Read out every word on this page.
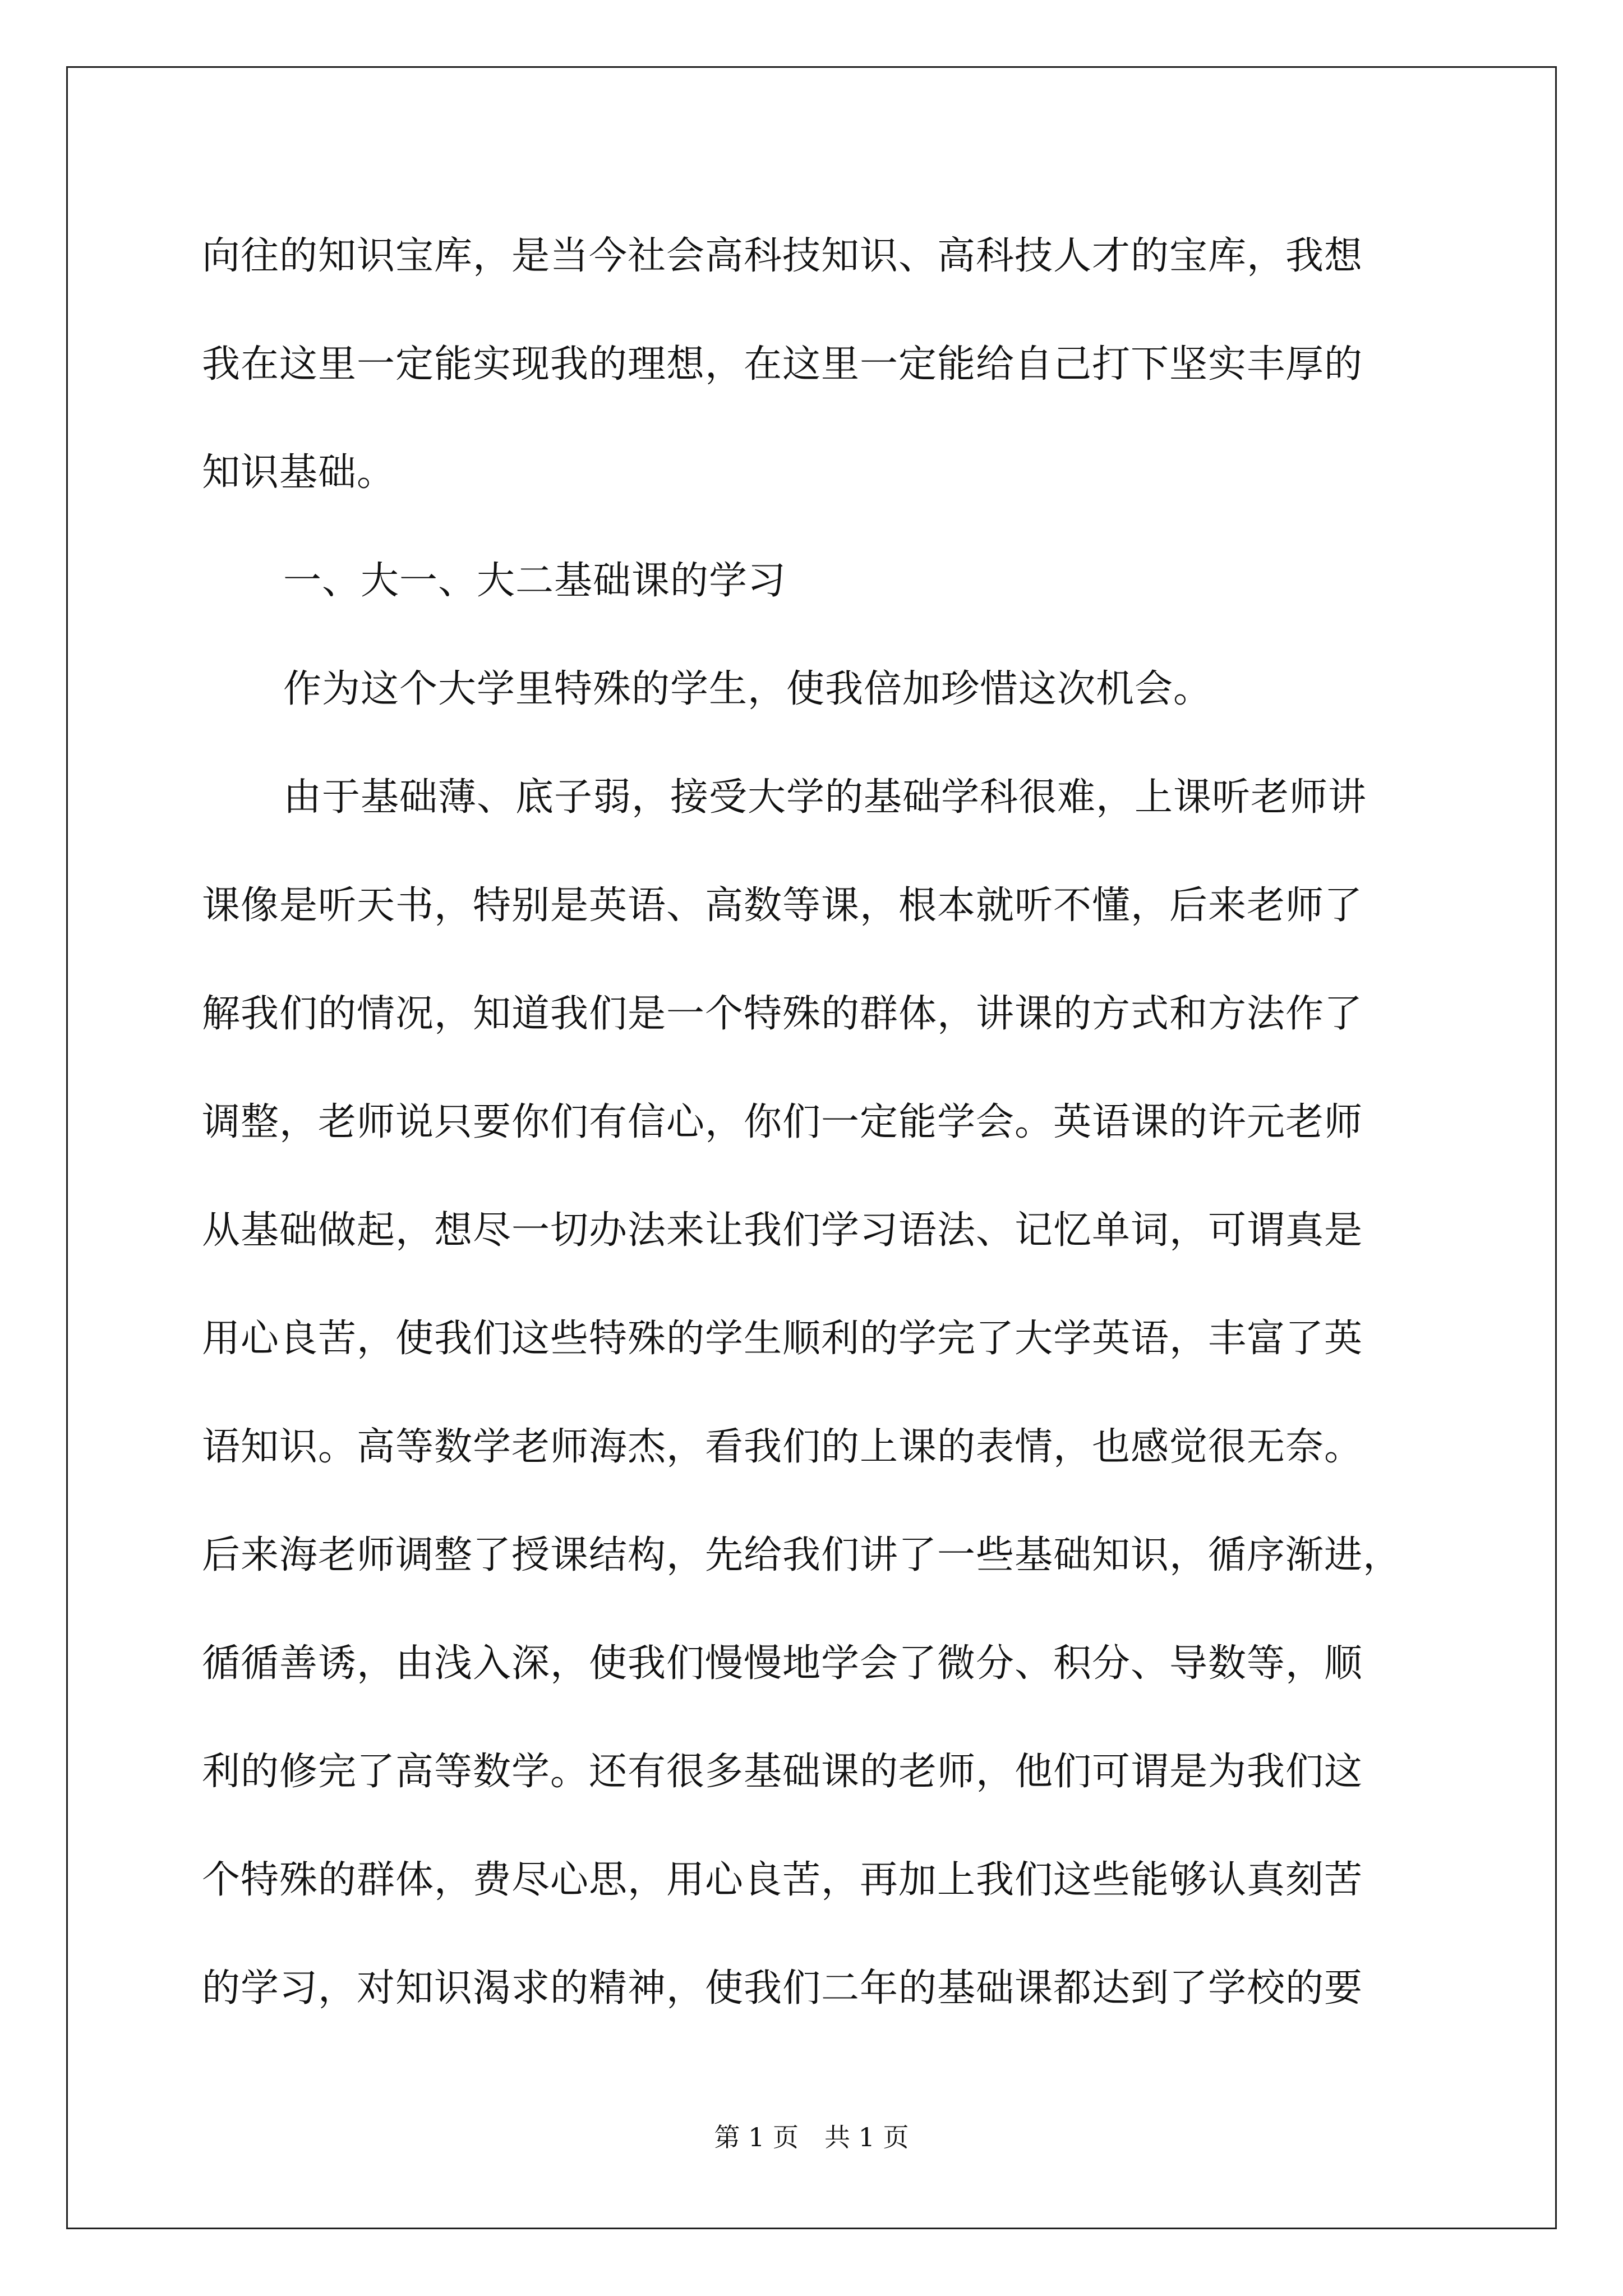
向往的知识宝库，是当今社会高科技知识、高科技人才的宝库，我想
我在这里一定能实现我的理想，在这里一定能给自己打下坚实丰厚的
知识基础。
一、大一、大二基础课的学习
作为这个大学里特殊的学生，使我倍加珍惜这次机会。
由于基础薄、底子弱，接受大学的基础学科很难，上课听老师讲
课像是听天书，特别是英语、高数等课，根本就听不懂，后来老师了
解我们的情况，知道我们是一个特殊的群体，讲课的方式和方法作了
调整，老师说只要你们有信心，你们一定能学会。英语课的许元老师
从基础做起，想尽一切办法来让我们学习语法、记忆单词，可谓真是
用心良苦，使我们这些特殊的学生顺利的学完了大学英语，丰富了英
语知识。高等数学老师海杰，看我们的上课的表情，也感觉很无奈。
后来海老师调整了授课结构，先给我们讲了一些基础知识，循序渐进，
循循善诱，由浅入深，使我们慢慢地学会了微分、积分、导数等，顺
利的修完了高等数学。还有很多基础课的老师，他们可谓是为我们这
个特殊的群体，费尽心思，用心良苦，再加上我们这些能够认真刻苦
的学习，对知识渴求的精神，使我们二年的基础课都达到了学校的要
第 1 页　共 1 页
